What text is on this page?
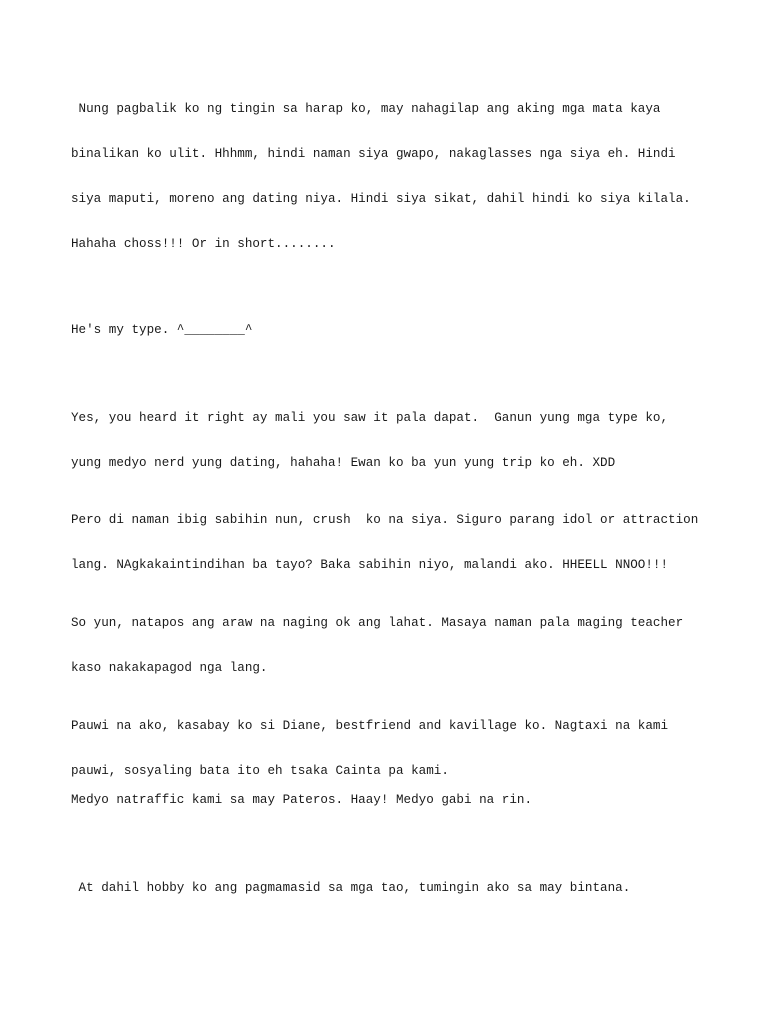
Nung pagbalik ko ng tingin sa harap ko, may nahagilap ang aking mga mata kaya

binalikan ko ulit. Hhhmm, hindi naman siya gwapo, nakaglasses nga siya eh. Hindi

siya maputi, moreno ang dating niya. Hindi siya sikat, dahil hindi ko siya kilala.

Hahaha choss!!! Or in short........

He's my type. ^________^

Yes, you heard it right ay mali you saw it pala dapat.  Ganun yung mga type ko,

yung medyo nerd yung dating, hahaha! Ewan ko ba yun yung trip ko eh. XDD

Pero di naman ibig sabihin nun, crush  ko na siya. Siguro parang idol or attraction

lang. NAgkakaintindihan ba tayo? Baka sabihin niyo, malandi ako. HHEELL NNOO!!!

So yun, natapos ang araw na naging ok ang lahat. Masaya naman pala maging teacher

kaso nakakapagod nga lang.

Pauwi na ako, kasabay ko si Diane, bestfriend and kavillage ko. Nagtaxi na kami

pauwi, sosyaling bata ito eh tsaka Cainta pa kami.

Medyo natraffic kami sa may Pateros. Haay! Medyo gabi na rin.

At dahil hobby ko ang pagmamasid sa mga tao, tumingin ako sa may bintana.
